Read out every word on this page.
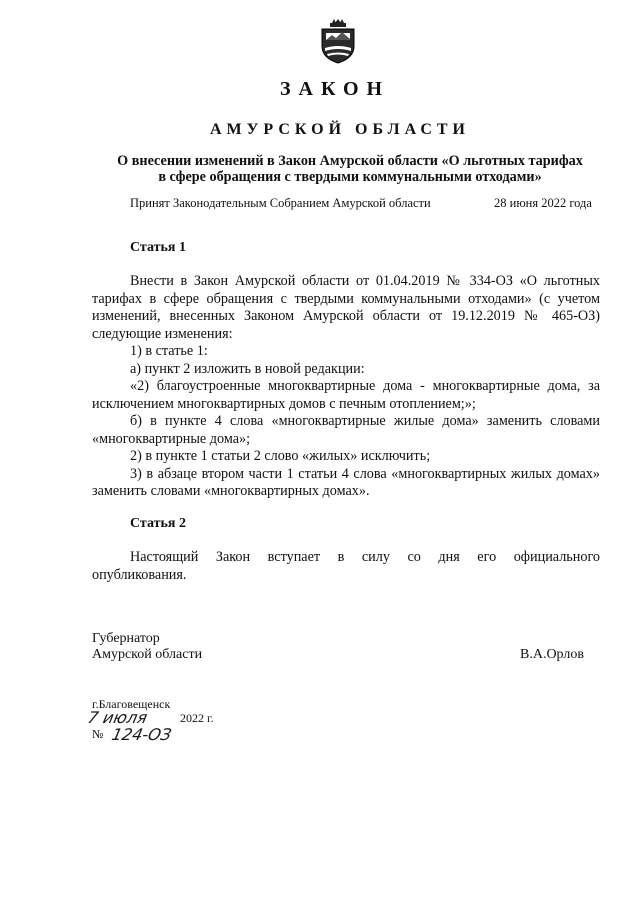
ЗАКОН
АМУРСКОЙ ОБЛАСТИ
О внесении изменений в Закон Амурской области «О льготных тарифах
в сфере обращения с твердыми коммунальными отходами»
Принят Законодательным Собранием Амурской области	28 июня 2022 года
Статья 1

Внести в Закон Амурской области от 01.04.2019 № 334-ОЗ «О льготных тарифах в сфере обращения с твердыми коммунальными отходами» (с учетом изменений, внесенных Законом Амурской области от 19.12.2019 № 465-ОЗ) следующие изменения:

1) в статье 1:

а) пункт 2 изложить в новой редакции:

«2) благоустроенные многоквартирные дома - многоквартирные дома, за исключением многоквартирных домов с печным отоплением;»;

б) в пункте 4 слова «многоквартирные жилые дома» заменить словами «многоквартирные дома»;

2) в пункте 1 статьи 2 слово «жилых» исключить;

3) в абзаце втором части 1 статьи 4 слова «многоквартирных жилых домах» заменить словами «многоквартирных домах».

Статья 2

Настоящий Закон вступает в силу со дня его официального опубликования.

Губернатор
Амурской области	В.А.Орлов
г.Благовещенск
7 июля	2022 г.
№ 124-ОЗ
